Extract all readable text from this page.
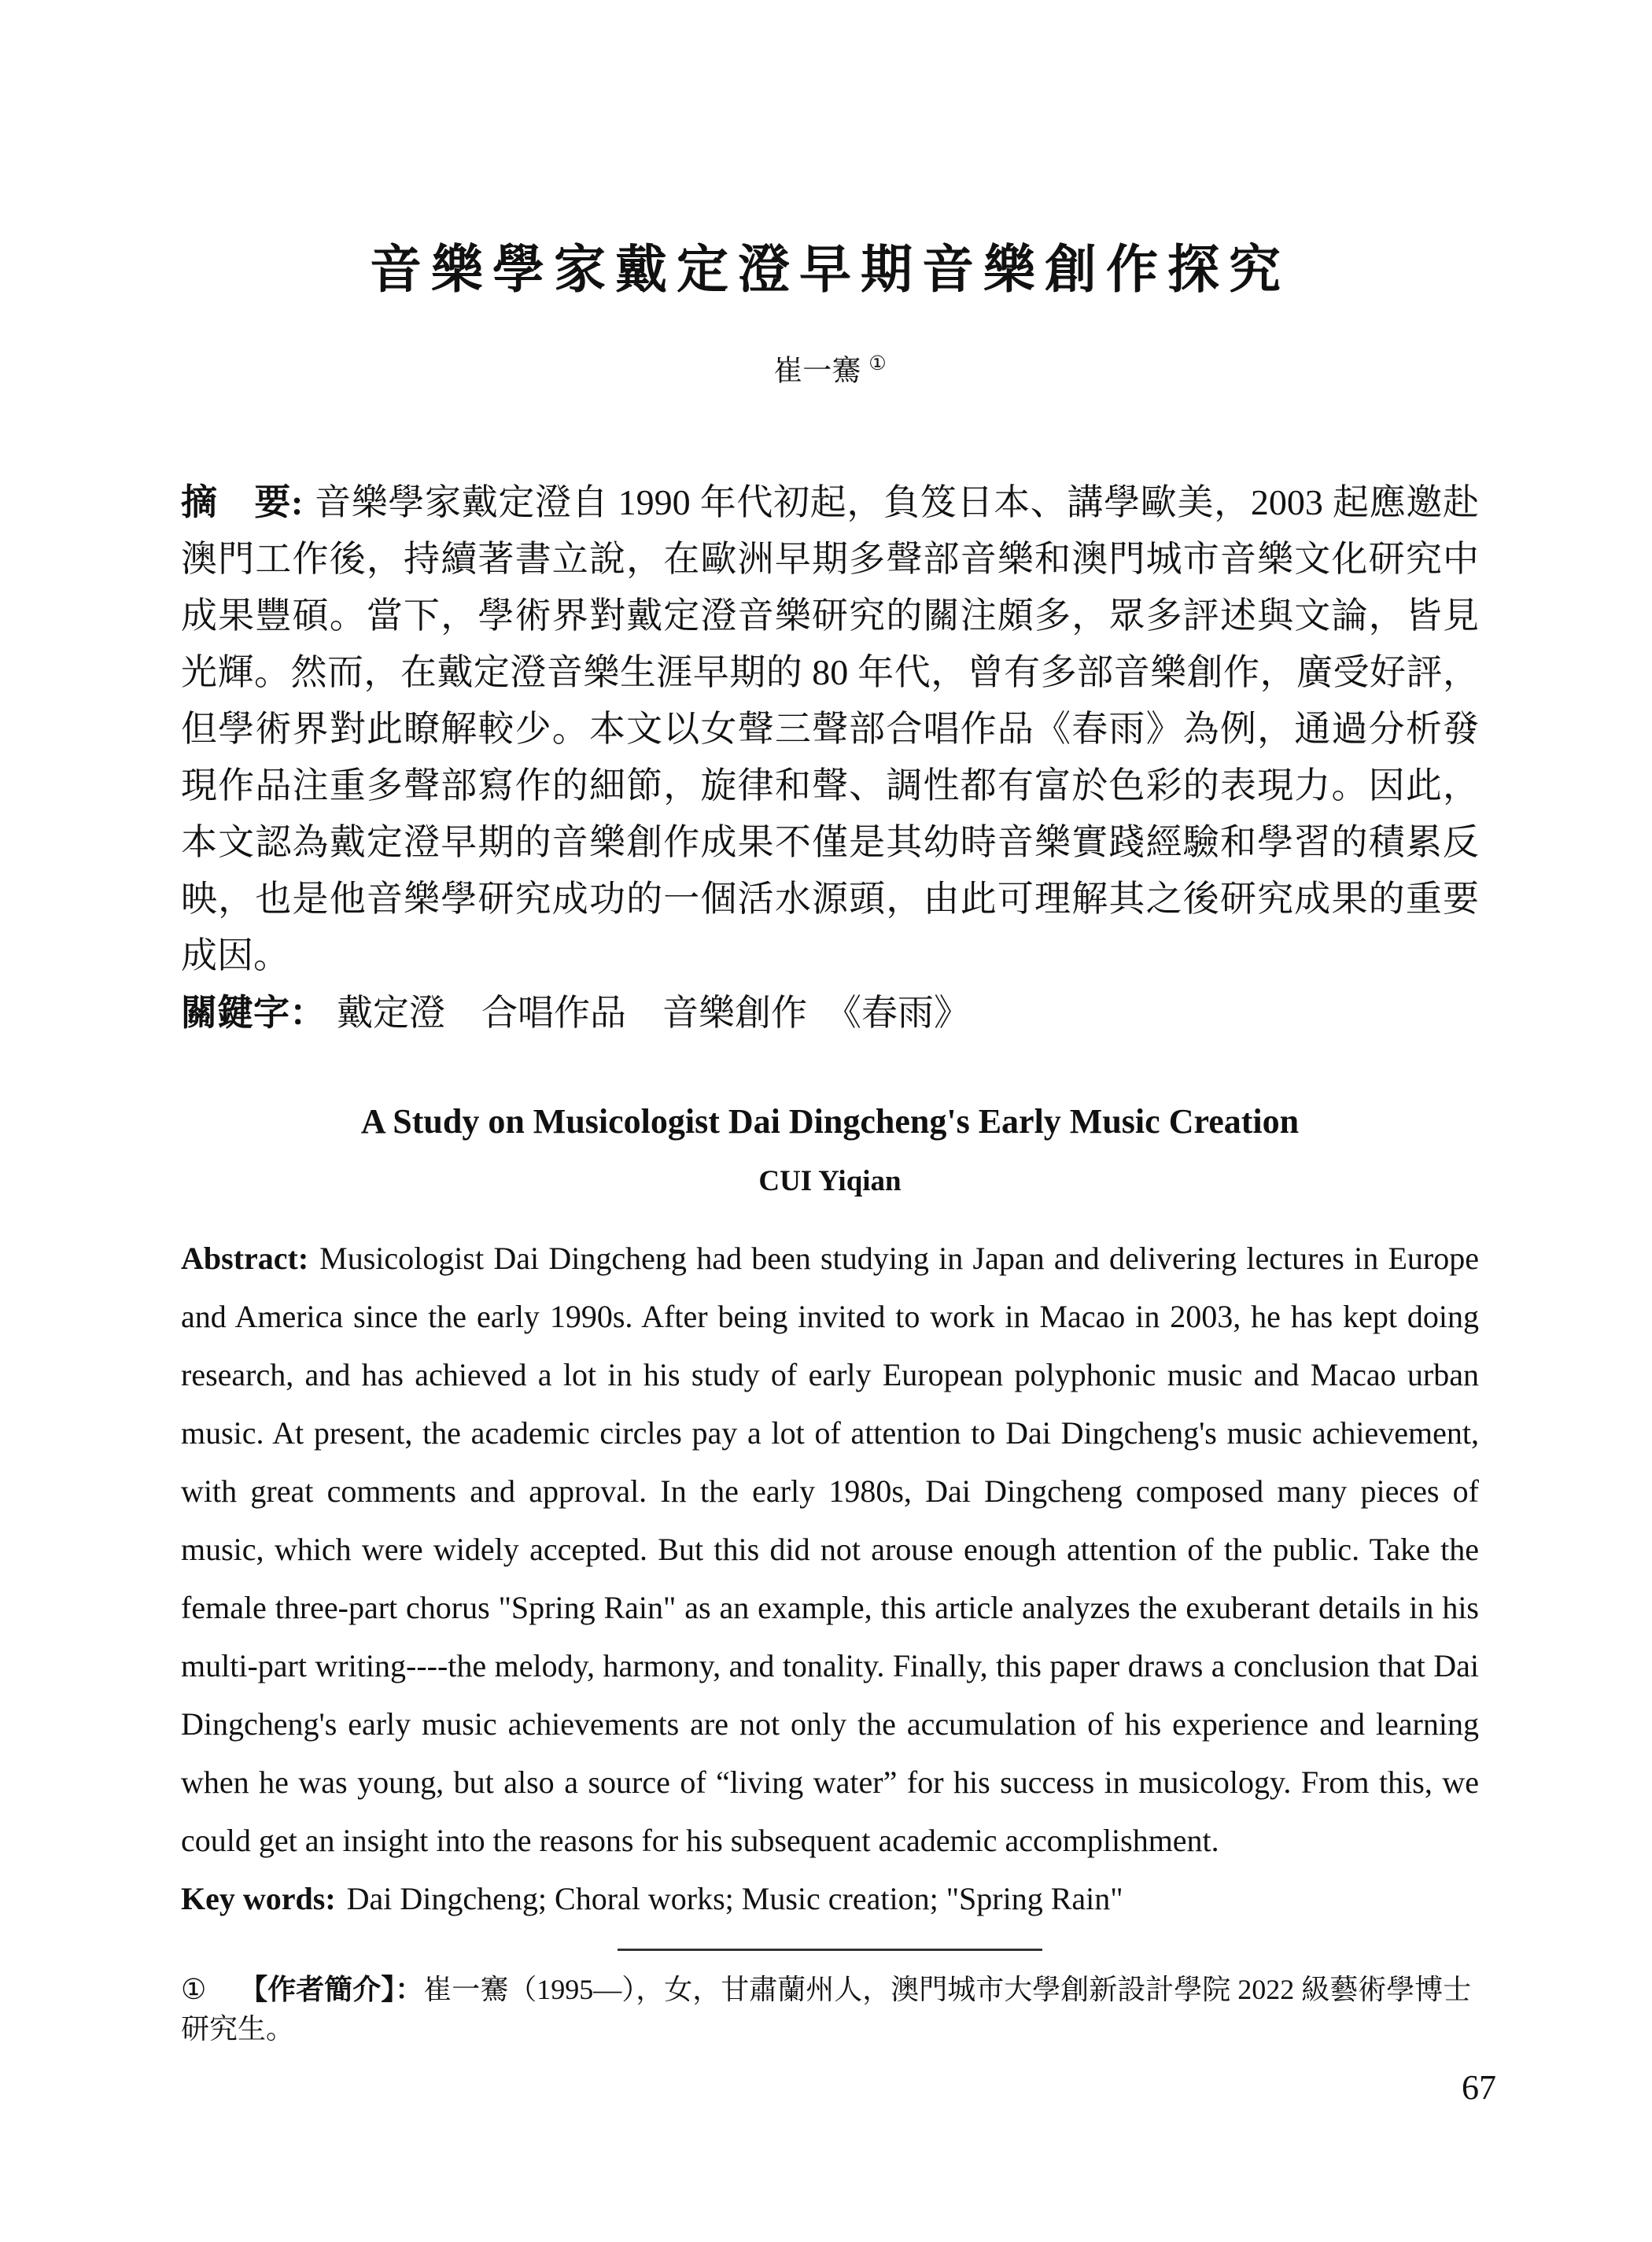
音樂學家戴定澄早期音樂創作探究
崔一騫 ①

摘　要: 音樂學家戴定澄自 1990 年代初起，負笈日本、講學歐美，2003 起應邀赴澳門工作後，持續著書立說，在歐洲早期多聲部音樂和澳門城市音樂文化研究中成果豐碩。當下，學術界對戴定澄音樂研究的關注頗多，眾多評述與文論，皆見光輝。然而，在戴定澄音樂生涯早期的 80 年代，曾有多部音樂創作，廣受好評，但學術界對此瞭解較少。本文以女聲三聲部合唱作品《春雨》為例，通過分析發現作品注重多聲部寫作的細節，旋律和聲、調性都有富於色彩的表現力。因此，本文認為戴定澄早期的音樂創作成果不僅是其幼時音樂實踐經驗和學習的積累反映，也是他音樂學研究成功的一個活水源頭，由此可理解其之後研究成果的重要成因。

關鍵字： 戴定澄　合唱作品　音樂創作　《春雨》

A Study on Musicologist Dai Dingcheng's Early Music Creation
CUI Yiqian

Abstract: Musicologist Dai Dingcheng had been studying in Japan and delivering lectures in Europe and America since the early 1990s. After being invited to work in Macao in 2003, he has kept doing research, and has achieved a lot in his study of early European polyphonic music and Macao urban music. At present, the academic circles pay a lot of attention to Dai Dingcheng's music achievement, with great comments and approval. In the early 1980s, Dai Dingcheng composed many pieces of music, which were widely accepted. But this did not arouse enough attention of the public. Take the female three-part chorus "Spring Rain" as an example, this article analyzes the exuberant details in his multi-part writing----the melody, harmony, and tonality. Finally, this paper draws a conclusion that Dai Dingcheng's early music achievements are not only the accumulation of his experience and learning when he was young, but also a source of “living water” for his success in musicology. From this, we could get an insight into the reasons for his subsequent academic accomplishment.

Key words: Dai Dingcheng; Choral works; Music creation; "Spring Rain"

① 【作者簡介】：崔一騫（1995—），女，甘肅蘭州人，澳門城市大學創新設計學院 2022 級藝術學博士研究生。

67
